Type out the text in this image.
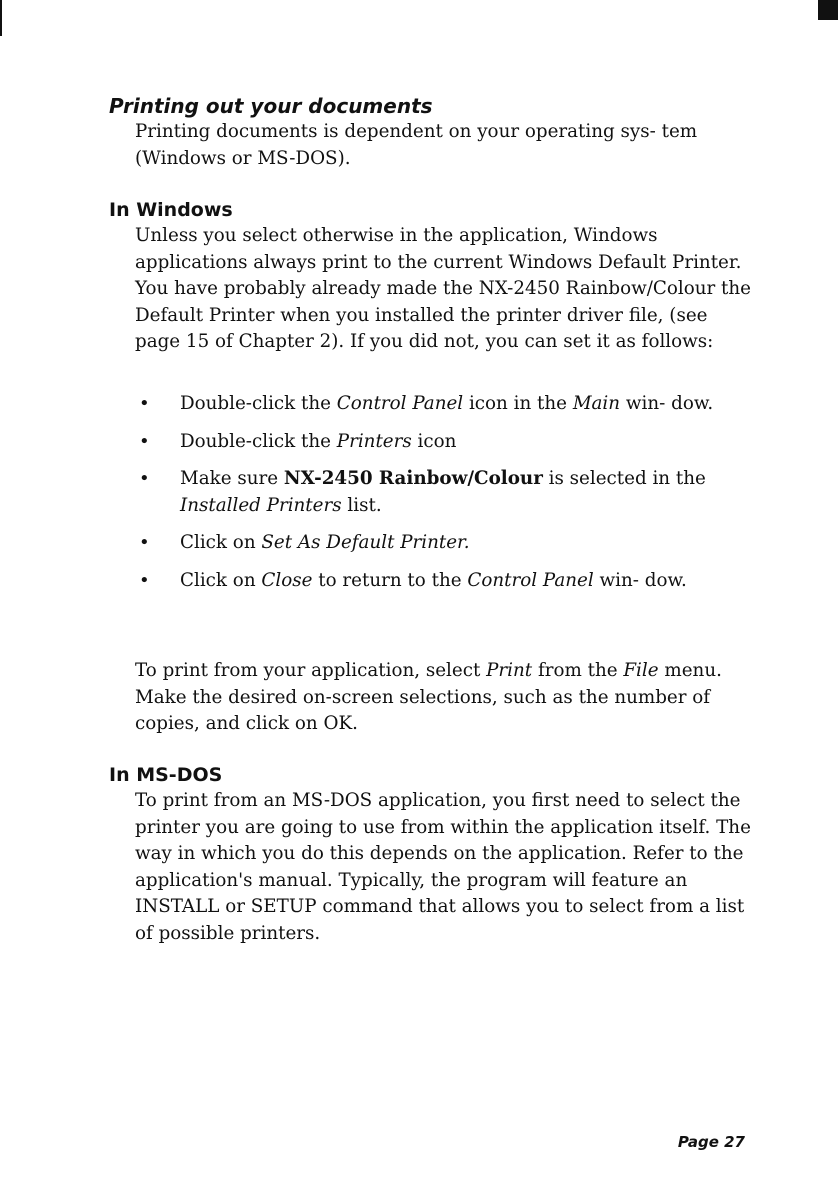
Printing out your documents

Printing documents is dependent on your operating sys- tem (Windows or MS-DOS).

In Windows

Unless you select otherwise in the application, Windows applications always print to the current Windows Default Printer. You have probably already made the NX-2450 Rainbow/Colour the Default Printer when you installed the printer driver file, (see page 15 of Chapter 2). If you did not, you can set it as follows:

• Double-click the Control Panel icon in the Main win- dow.
• Double-click the Printers icon
• Make sure NX-2450 Rainbow/Colour is selected in the Installed Printers list.
• Click on Set As Default Printer.
• Click on Close to return to the Control Panel win- dow.

To print from your application, select Print from the File menu. Make the desired on-screen selections, such as the number of copies, and click on OK.

In MS-DOS

To print from an MS-DOS application, you first need to select the printer you are going to use from within the application itself. The way in which you do this depends on the application. Refer to the application's manual. Typically, the program will feature an INSTALL or SETUP command that allows you to select from a list of possible printers.

Page 27
